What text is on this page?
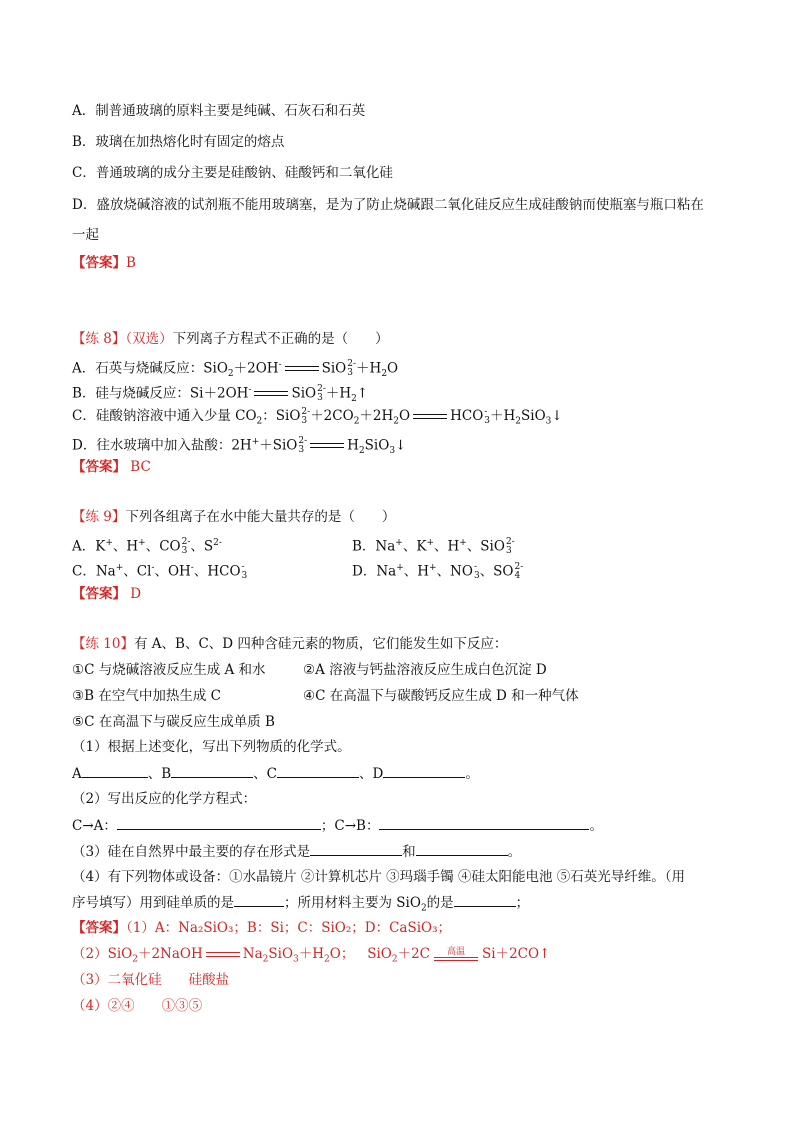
A．制普通玻璃的原料主要是纯碱、石灰石和石英
B．玻璃在加热熔化时有固定的熔点
C．普通玻璃的成分主要是硅酸钠、硅酸钙和二氧化硅
D．盛放烧碱溶液的试剂瓶不能用玻璃塞，是为了防止烧碱跟二氧化硅反应生成硅酸钠而使瓶塞与瓶口粘在
一起
【答案】B
【练 8】（双选）下列离子方程式不正确的是（　　）
A．石英与烧碱反应：SiO$_2$＋2OH-	SiO 2-
$3 +H_2O$
B．硅与烧碱反应：Si＋2OH-	SiO 2-
$3 +H_2↑$
C．硅酸钠溶液中通入少量 $CO_2$：SiO 2-
$3 +2CO_2+2H_2O$	HCO -
$3 +H_2SiO_3↓$
D．往水玻璃中加入盐酸：2H+＋SiO 2-
3	$H_2SiO_3↓$
【答案】 BC
【练 9】下列各组离子在水中能大量共存的是（　　）
A．K+、H+、CO 2-
3 、$S^{2-}$	B．Na+、K+、H+、SiO 2-
3
C．Na+、Cl-、OH-、HCO -
3	D．Na+、H+、NO -
3 、SO 2-
4
【答案】 D
【练 10】有 A、B、C、D 四种含硅元素的物质，它们能发生如下反应：
①C 与烧碱溶液反应生成 A 和水	②A 溶液与钙盐溶液反应生成白色沉淀 D
③B 在空气中加热生成 C	④C 在高温下与碳酸钙反应生成 D 和一种气体
⑤C 在高温下与碳反应生成单质 B
（1）根据上述变化，写出下列物质的化学式。
A	、B	、C	、D	。
（2）写出反应的化学方程式：
C→A：	；C→B：	。
（3）硅在自然界中最主要的存在形式是	和	。
（4）有下列物体或设备：①水晶镜片 ②计算机芯片 ③玛瑙手镯 ④硅太阳能电池 ⑤石英光导纤维。（用
序号填写）用到硅单质的是	；所用材料主要为 SiO$_2$的是	；
【答案】（1）A：Na₂SiO₃；B：Si；C：SiO₂；D：CaSiO₃；
（2）SiO$_2$＋2NaOH	$Na_2SiO_3+H_2O$；   SiO$_2$＋2C	高温	Si＋2CO↑
（3）二氧化硅　　硅酸盐
（4）②④　　①③⑤
